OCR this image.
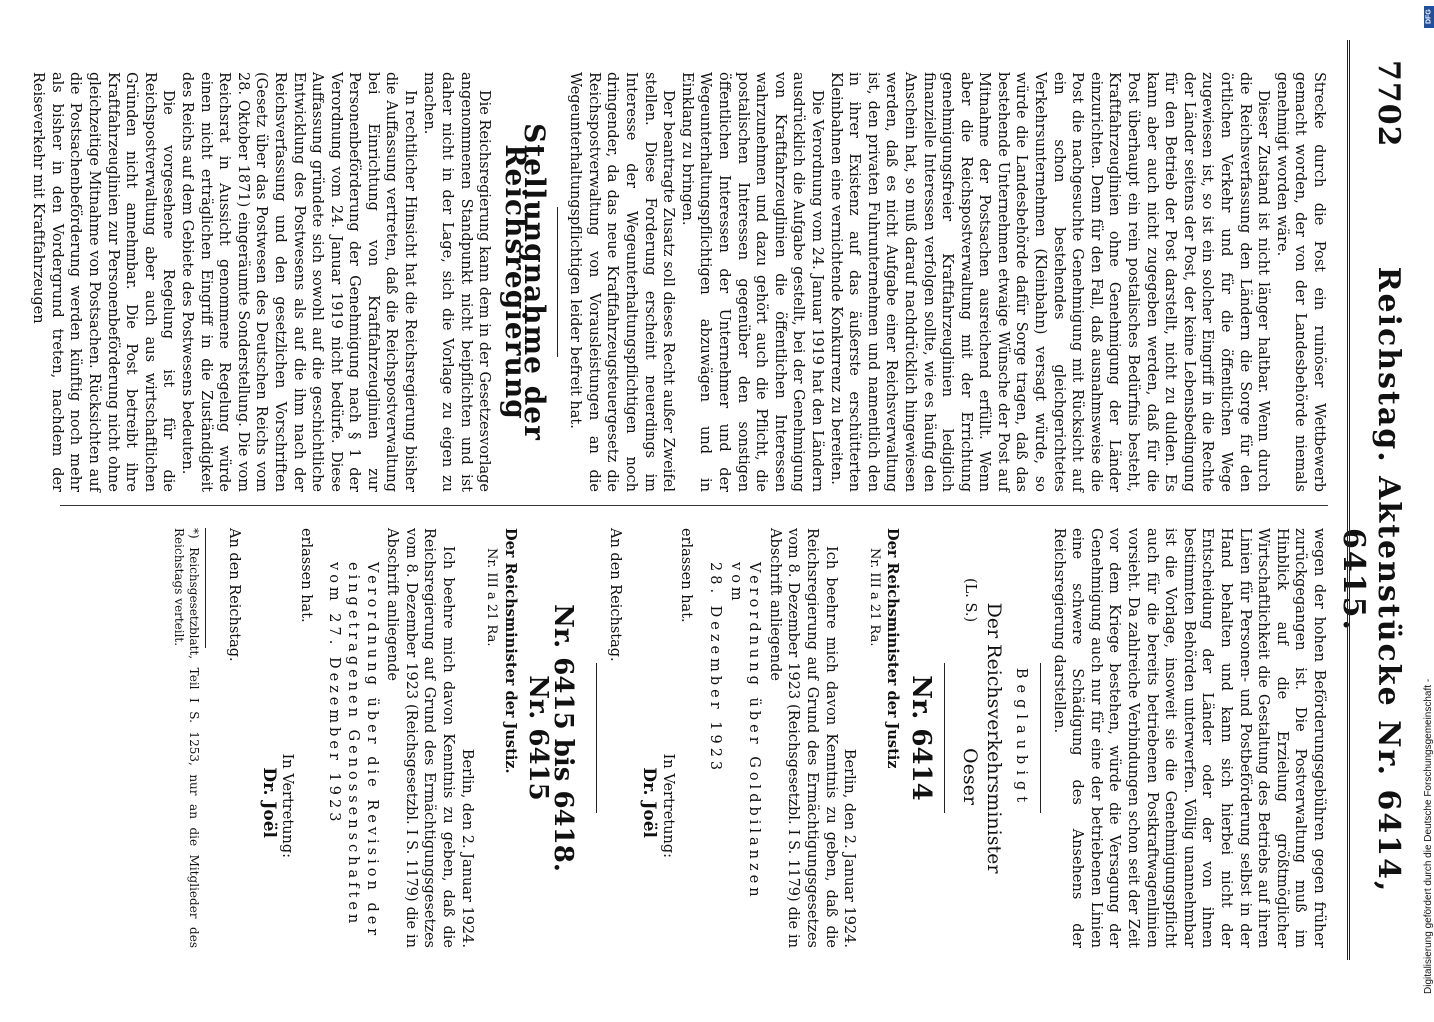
7702
Reichstag. Aktenstücke Nr. 6414, 6415.

Strecke durch die Post ein ruinöser Wettbewerb gemacht worden, der von der Landesbehörde niemals genehmigt worden wäre.

Dieser Zustand ist nicht länger haltbar. Wenn durch die Reichsverfassung den Ländern die Sorge für den örtlichen Verkehr und für die öffentlichen Wege zugewiesen ist, so ist ein solcher Eingriff in die Rechte der Länder seitens der Post, der keine Lebensbedingung für den Betrieb der Post darstellt, nicht zu dulden. Es kann aber auch nicht zugegeben werden, daß für die Post überhaupt ein rein postalisches Bedürfnis besteht, Kraftfahrzeuglinien ohne Genehmigung der Länder einzurichten. Denn für den Fall, daß ausnahmsweise die Post die nachgesuchte Genehmigung mit Rücksicht auf ein schon bestehendes gleichgerichtetes Verkehrsunternehmen (Kleinbahn) versagt würde, so würde die Landesbehörde dafür Sorge tragen, daß das bestehende Unternehmen etwaige Wünsche der Post auf Mitnahme der Postsachen ausreichend erfüllt. Wenn aber die Reichspostverwaltung mit der Errichtung genehmigungsfreier Kraftfahrzeuglinien lediglich finanzielle Interessen verfolgen sollte, wie es häufig den Anschein hat, so muß darauf nachdrücklich hingewiesen werden, daß es nicht Aufgabe einer Reichsverwaltung ist, den privaten Fuhrunternehmen und namentlich den in ihrer Existenz auf das äußerste erschütterten Kleinbahnen eine vernichtende Konkurrenz zu bereiten.

Die Verordnung vom 24. Januar 1919 hat den Ländern ausdrücklich die Aufgabe gestellt, bei der Genehmigung von Kraftfahrzeuglinien die öffentlichen Interessen wahrzunehmen und dazu gehört auch die Pflicht, die postalischen Interessen gegenüber den sonstigen öffentlichen Interessen der Unternehmer und der Wegeunterhaltungspflichtigen abzuwägen und in Einklang zu bringen.

Der beantragte Zusatz soll dieses Recht außer Zweifel stellen. Diese Forderung erscheint neuerdings im Interesse der Wegeunterhaltungspflichtigen noch dringender, da das neue Kraftfahrzeugsteuergesetz die Reichspostverwaltung von Vorausleistungen an die Wegeunterhaltungspflichtigen leider befreit hat.

Stellungnahme der Reichsregierung

Die Reichsregierung kann dem in der Gesetzesvorlage angenommenen Standpunkt nicht beipflichten und ist daher nicht in der Lage, sich die Vorlage zu eigen zu machen.

In rechtlicher Hinsicht hat die Reichsregierung bisher die Auffassung vertreten, daß die Reichspostverwaltung bei Einrichtung von Kraftfahrzeuglinien zur Personenbeförderung der Genehmigung nach § 1 der Verordnung vom 24. Januar 1919 nicht bedürfe. Diese Auffassung gründete sich sowohl auf die geschichtliche Entwicklung des Postwesens als auf die ihm nach der Reichsverfassung und den gesetzlichen Vorschriften (Gesetz über das Postwesen des Deutschen Reichs vom 28. Oktober 1871) eingeräumte Sonderstellung. Die vom Reichsrat in Aussicht genommene Regelung würde einen nicht erträglichen Eingriff in die Zuständigkeit des Reichs auf dem Gebiete des Postwesens bedeuten.

Die vorgesehene Regelung ist für die Reichspostverwaltung aber auch aus wirtschaftlichen Gründen nicht annehmbar. Die Post betreibt ihre Kraftfahrzeuglinien zur Personenbeförderung nicht ohne gleichzeitige Mitnahme von Postsachen. Rücksichten auf die Postsachenbeförderung werden künftig noch mehr als bisher in den Vordergrund treten, nachdem der Reiseverkehr mit Kraftfahrzeugen

wegen der hohen Beförderungsgebühren gegen früher zurückgegangen ist. Die Postverwaltung muß im Hinblick auf die Erzielung größtmöglicher Wirtschaftlichkeit die Gestaltung des Betriebs auf ihren Linien für Personen- und Postbeförderung selbst in der Hand behalten und kann sich hierbei nicht der Entscheidung der Länder oder der von ihnen bestimmten Behörden unterwerfen. Völlig unannehmbar ist die Vorlage, insoweit sie die Genehmigungspflicht auch für die bereits betriebenen Postkraftwagenlinien vorsieht. Da zahlreiche Verbindungen schon seit der Zeit vor dem Kriege bestehen, würde die Versagung der Genehmigung auch nur für eine der betriebenen Linien eine schwere Schädigung des Ansehens der Reichsregierung darstellen.

Beglaubigt

Der Reichsverkehrsminister

(L. S.)
Oeser
Nr. 6414

Der Reichsminister der Justiz

Nr. III a 21 Ra.

Berlin, den 2. Januar 1924.

Ich beehre mich davon Kenntnis zu geben, daß die Reichsregierung auf Grund des Ermächtigungsgesetzes vom 8. Dezember 1923 (Reichsgesetzbl. I S. 1179) die in Abschrift anliegende

Verordnung über Goldbilanzen vom

28. Dezember 1923

erlassen hat.

In Vertretung:

Dr. Joël

An den Reichstag.

Nr. 6415 bis 6418.
Nr. 6415

Der Reichsminister der Justiz.

Nr. III a 21 Ra.

Berlin, den 2. Januar 1924.

Ich beehre mich davon Kenntnis zu geben, daß die Reichsregierung auf Grund des Ermächtigungsgesetzes vom 8. Dezember 1923 (Reichsgesetzbl. I S. 1179) die in Abschrift anliegende

Verordnung über die Revision der eingetragenen Genossenschaften vom 27. Dezember 1923

erlassen hat.

In Vertretung:

Dr. Joël

An den Reichstag.

*) Reichsgesetzblatt, Teil I S. 1253, nur an die Mitglieder des Reichstags verteilt.

DFG
Digitalisierung gefördert durch die Deutsche Forschungsgemeinschaft -
